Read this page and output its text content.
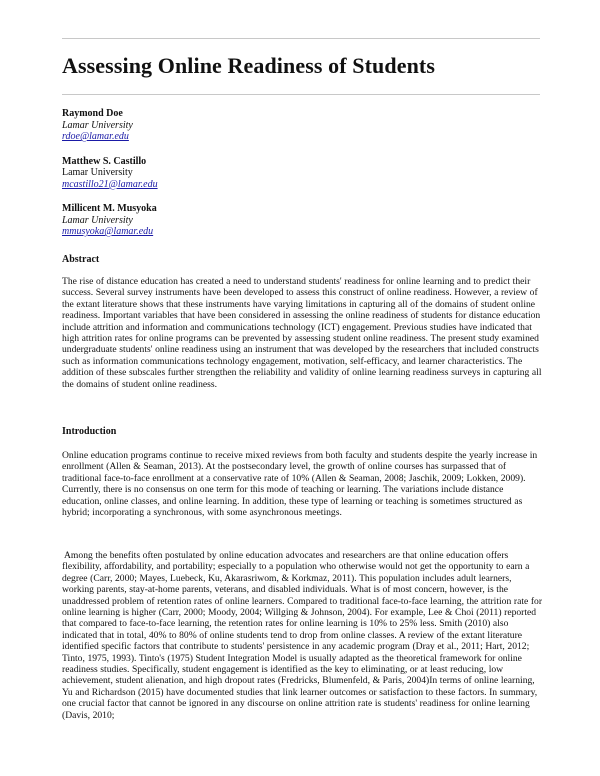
Assessing Online Readiness of Students
Raymond Doe
Lamar University
rdoe@lamar.edu
Matthew S. Castillo
Lamar University
mcastillo21@lamar.edu
Millicent M. Musyoka
Lamar University
mmusyoka@lamar.edu
Abstract

The rise of distance education has created a need to understand students' readiness for online learning and to predict their success. Several survey instruments have been developed to assess this construct of online readiness. However, a review of the extant literature shows that these instruments have varying limitations in capturing all of the domains of student online readiness. Important variables that have been considered in assessing the online readiness of students for distance education include attrition and information and communications technology (ICT) engagement. Previous studies have indicated that high attrition rates for online programs can be prevented by assessing student online readiness. The present study examined undergraduate students' online readiness using an instrument that was developed by the researchers that included constructs such as information communications technology engagement, motivation, self-efficacy, and learner characteristics. The addition of these subscales further strengthen the reliability and validity of online learning readiness surveys in capturing all the domains of student online readiness.

Introduction

Online education programs continue to receive mixed reviews from both faculty and students despite the yearly increase in enrollment (Allen & Seaman, 2013). At the postsecondary level, the growth of online courses has surpassed that of traditional face-to-face enrollment at a conservative rate of 10% (Allen & Seaman, 2008; Jaschik, 2009; Lokken, 2009). Currently, there is no consensus on one term for this mode of teaching or learning. The variations include distance education, online classes, and online learning. In addition, these type of learning or teaching is sometimes structured as hybrid; incorporating a synchronous, with some asynchronous meetings.

Among the benefits often postulated by online education advocates and researchers are that online education offers flexibility, affordability, and portability; especially to a population who otherwise would not get the opportunity to earn a degree (Carr, 2000; Mayes, Luebeck, Ku, Akarasriwom, & Korkmaz, 2011). This population includes adult learners, working parents, stay-at-home parents, veterans, and disabled individuals. What is of most concern, however, is the unaddressed problem of retention rates of online learners. Compared to traditional face-to-face learning, the attrition rate for online learning is higher (Carr, 2000; Moody, 2004; Willging & Johnson, 2004). For example, Lee & Choi (2011) reported that compared to face-to-face learning, the retention rates for online learning is 10% to 25% less. Smith (2010) also indicated that in total, 40% to 80% of online students tend to drop from online classes. A review of the extant literature identified specific factors that contribute to students' persistence in any academic program (Dray et al., 2011; Hart, 2012; Tinto, 1975, 1993). Tinto's (1975) Student Integration Model is usually adapted as the theoretical framework for online readiness studies. Specifically, student engagement is identified as the key to eliminating, or at least reducing, low achievement, student alienation, and high dropout rates (Fredricks, Blumenfeld, & Paris, 2004)In terms of online learning, Yu and Richardson (2015) have documented studies that link learner outcomes or satisfaction to these factors. In summary, one crucial factor that cannot be ignored in any discourse on online attrition rate is students' readiness for online learning (Davis, 2010;
